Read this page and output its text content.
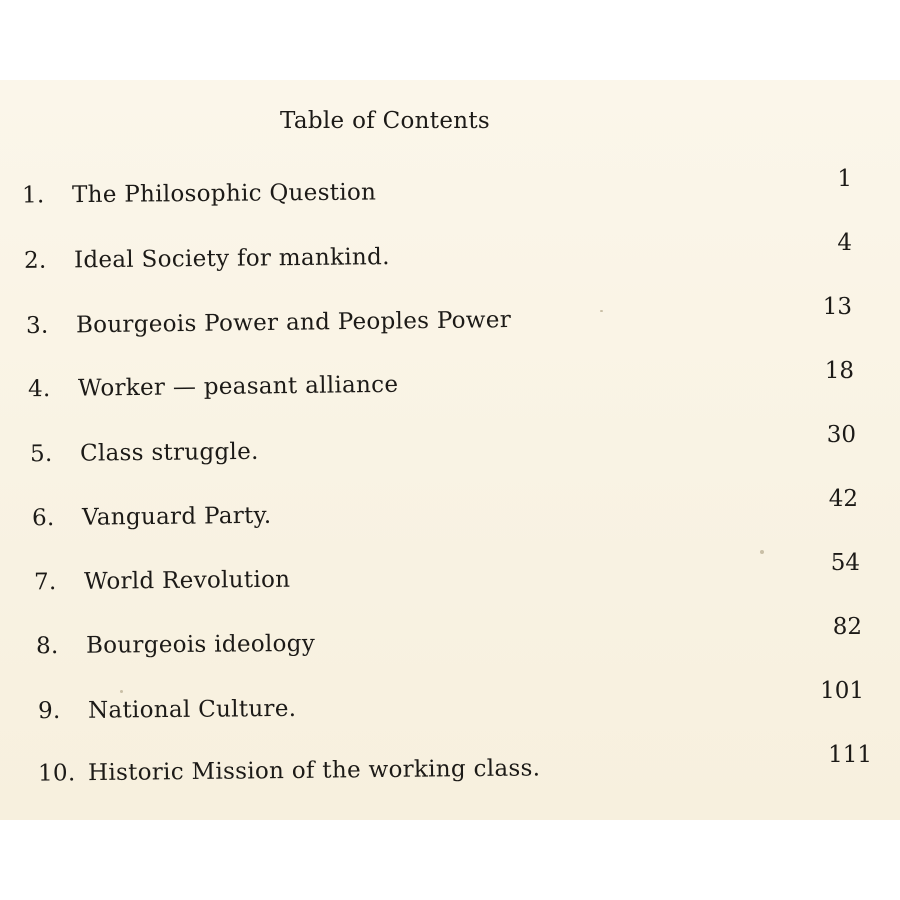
Table of Contents
1. The Philosophic Question
1
2. Ideal Society for mankind.
4
3. Bourgeois Power and Peoples Power
13
4. Worker — peasant alliance
18
5. Class struggle.
30
6. Vanguard Party.
42
7. World Revolution
54
8. Bourgeois ideology
82
9. National Culture.
101
10. Historic Mission of the working class.
111
